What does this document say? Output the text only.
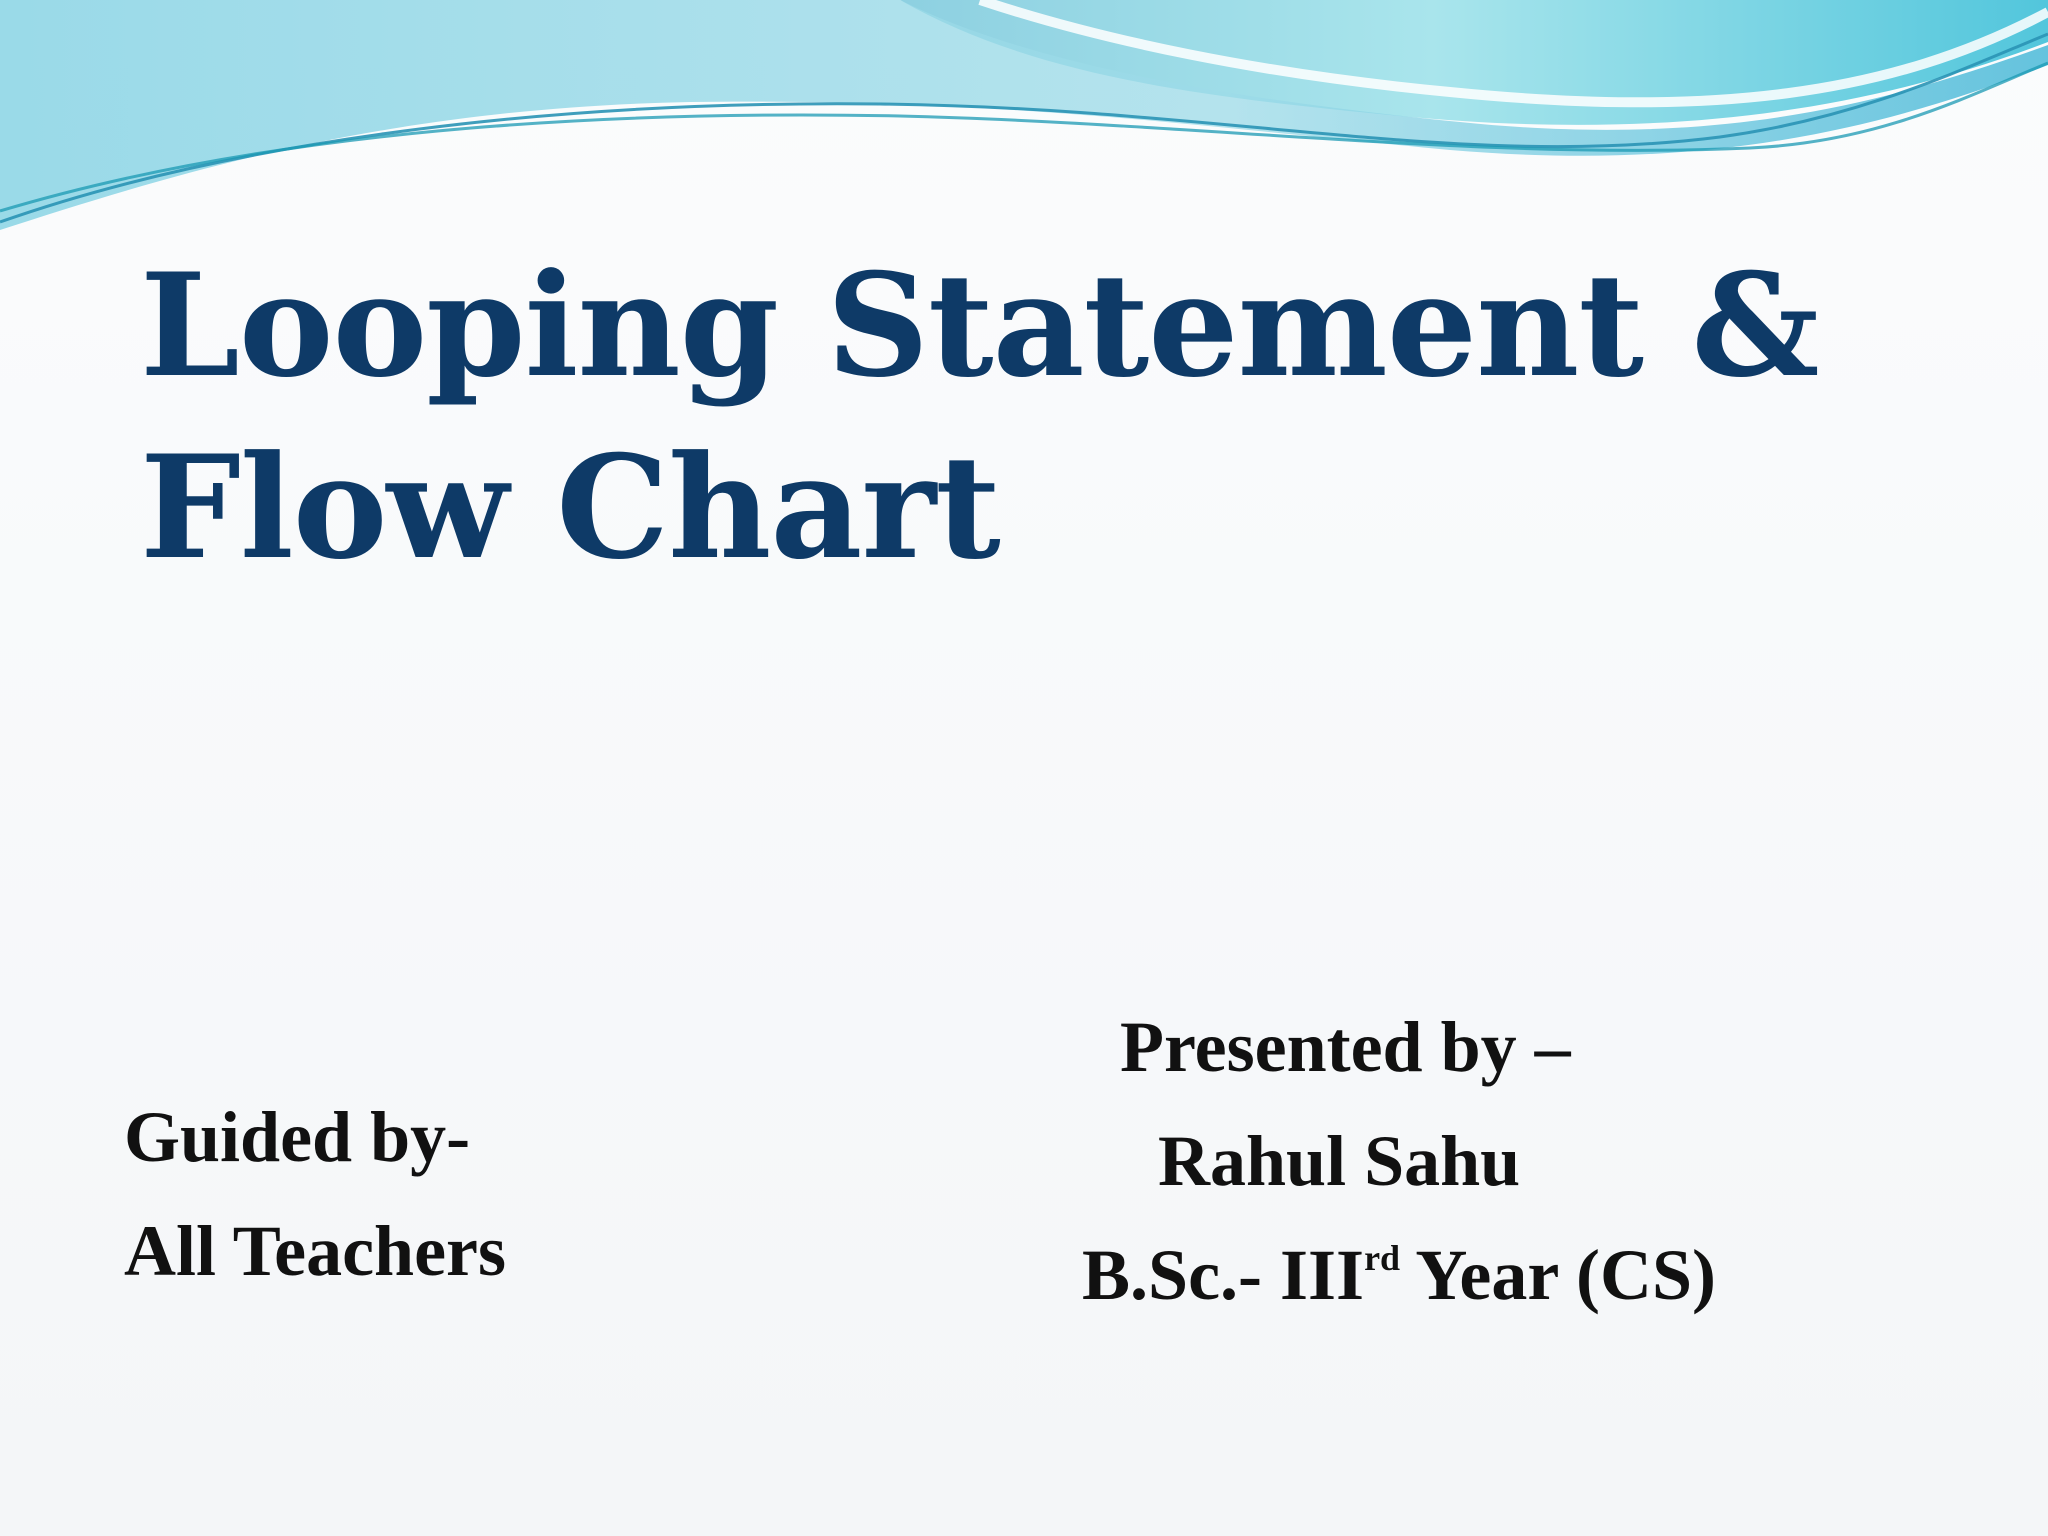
Looping Statement &
Flow Chart
Guided by-
All Teachers
Presented by –
Rahul Sahu
B.Sc.- IIIrd Year (CS)
